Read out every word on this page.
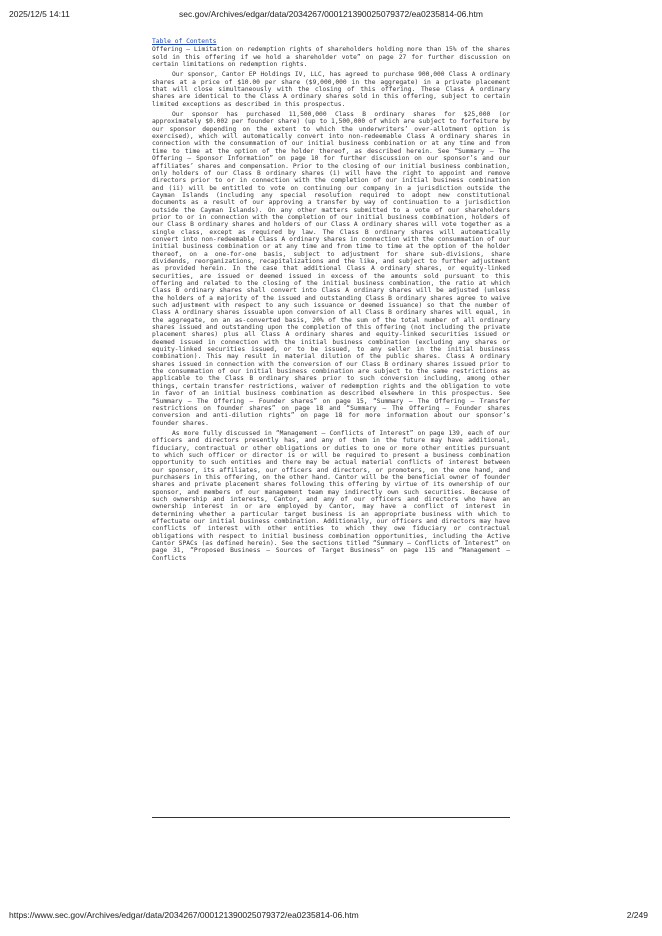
sec.gov/Archives/edgar/data/2034267/000121390025079372/ea0235814-06.htm
2025/12/5 14:11
Table of Contents

Offering — Limitation on redemption rights of shareholders holding more than 15% of the shares sold in this offering if we hold a shareholder vote” on page 27 for further discussion on certain limitations on redemption rights.

Our sponsor, Cantor EP Holdings IV, LLC, has agreed to purchase 900,000 Class A ordinary shares at a price of $10.00 per share ($9,000,000 in the aggregate) in a private placement that will close simultaneously with the closing of this offering. These Class A ordinary shares are identical to the Class A ordinary shares sold in this offering, subject to certain limited exceptions as described in this prospectus.

Our sponsor has purchased 11,500,000 Class B ordinary shares for $25,000 (or approximately $0.002 per founder share) (up to 1,500,000 of which are subject to forfeiture by our sponsor depending on the extent to which the underwriters’ over-allotment option is exercised), which will automatically convert into non-redeemable Class A ordinary shares in connection with the consummation of our initial business combination or at any time and from time to time at the option of the holder thereof, as described herein. See “Summary — The Offering — Sponsor Information” on page 10 for further discussion on our sponsor’s and our affiliates’ shares and compensation. Prior to the closing of our initial business combination, only holders of our Class B ordinary shares (i) will have the right to appoint and remove directors prior to or in connection with the completion of our initial business combination and (ii) will be entitled to vote on continuing our company in a jurisdiction outside the Cayman Islands (including any special resolution required to adopt new constitutional documents as a result of our approving a transfer by way of continuation to a jurisdiction outside the Cayman Islands). On any other matters submitted to a vote of our shareholders prior to or in connection with the completion of our initial business combination, holders of our Class B ordinary shares and holders of our Class A ordinary shares will vote together as a single class, except as required by law. The Class B ordinary shares will automatically convert into non-redeemable Class A ordinary shares in connection with the consummation of our initial business combination or at any time and from time to time at the option of the holder thereof, on a one-for-one basis, subject to adjustment for share sub-divisions, share dividends, reorganizations, recapitalizations and the like, and subject to further adjustment as provided herein. In the case that additional Class A ordinary shares, or equity-linked securities, are issued or deemed issued in excess of the amounts sold pursuant to this offering and related to the closing of the initial business combination, the ratio at which Class B ordinary shares shall convert into Class A ordinary shares will be adjusted (unless the holders of a majority of the issued and outstanding Class B ordinary shares agree to waive such adjustment with respect to any such issuance or deemed issuance) so that the number of Class A ordinary shares issuable upon conversion of all Class B ordinary shares will equal, in the aggregate, on an as-converted basis, 20% of the sum of the total number of all ordinary shares issued and outstanding upon the completion of this offering (not including the private placement shares) plus all Class A ordinary shares and equity-linked securities issued or deemed issued in connection with the initial business combination (excluding any shares or equity-linked securities issued, or to be issued, to any seller in the initial business combination). This may result in material dilution of the public shares. Class A ordinary shares issued in connection with the conversion of our Class B ordinary shares issued prior to the consummation of our initial business combination are subject to the same restrictions as applicable to the Class B ordinary shares prior to such conversion including, among other things, certain transfer restrictions, waiver of redemption rights and the obligation to vote in favor of an initial business combination as described elsewhere in this prospectus. See “Summary — The Offering — Founder shares” on page 15, “Summary — The Offering — Transfer restrictions on founder shares” on page 18 and “Summary — The Offering — Founder shares conversion and anti-dilution rights” on page 18 for more information about our sponsor’s founder shares.

As more fully discussed in “Management — Conflicts of Interest” on page 139, each of our officers and directors presently has, and any of them in the future may have additional, fiduciary, contractual or other obligations or duties to one or more other entities pursuant to which such officer or director is or will be required to present a business combination opportunity to such entities and there may be actual material conflicts of interest between our sponsor, its affiliates, our officers and directors, or promoters, on the one hand, and purchasers in this offering, on the other hand. Cantor will be the beneficial owner of founder shares and private placement shares following this offering by virtue of its ownership of our sponsor, and members of our management team may indirectly own such securities. Because of such ownership and interests, Cantor, and any of our officers and directors who have an ownership interest in or are employed by Cantor, may have a conflict of interest in determining whether a particular target business is an appropriate business with which to effectuate our initial business combination. Additionally, our officers and directors may have conflicts of interest with other entities to which they owe fiduciary or contractual obligations with respect to initial business combination opportunities, including the Active Cantor SPACs (as defined herein). See the sections titled “Summary — Conflicts of Interest” on page 31, “Proposed Business — Sources of Target Business” on page 115 and “Management — Conflicts

https://www.sec.gov/Archives/edgar/data/2034267/000121390025079372/ea0235814-06.htm	2/249
